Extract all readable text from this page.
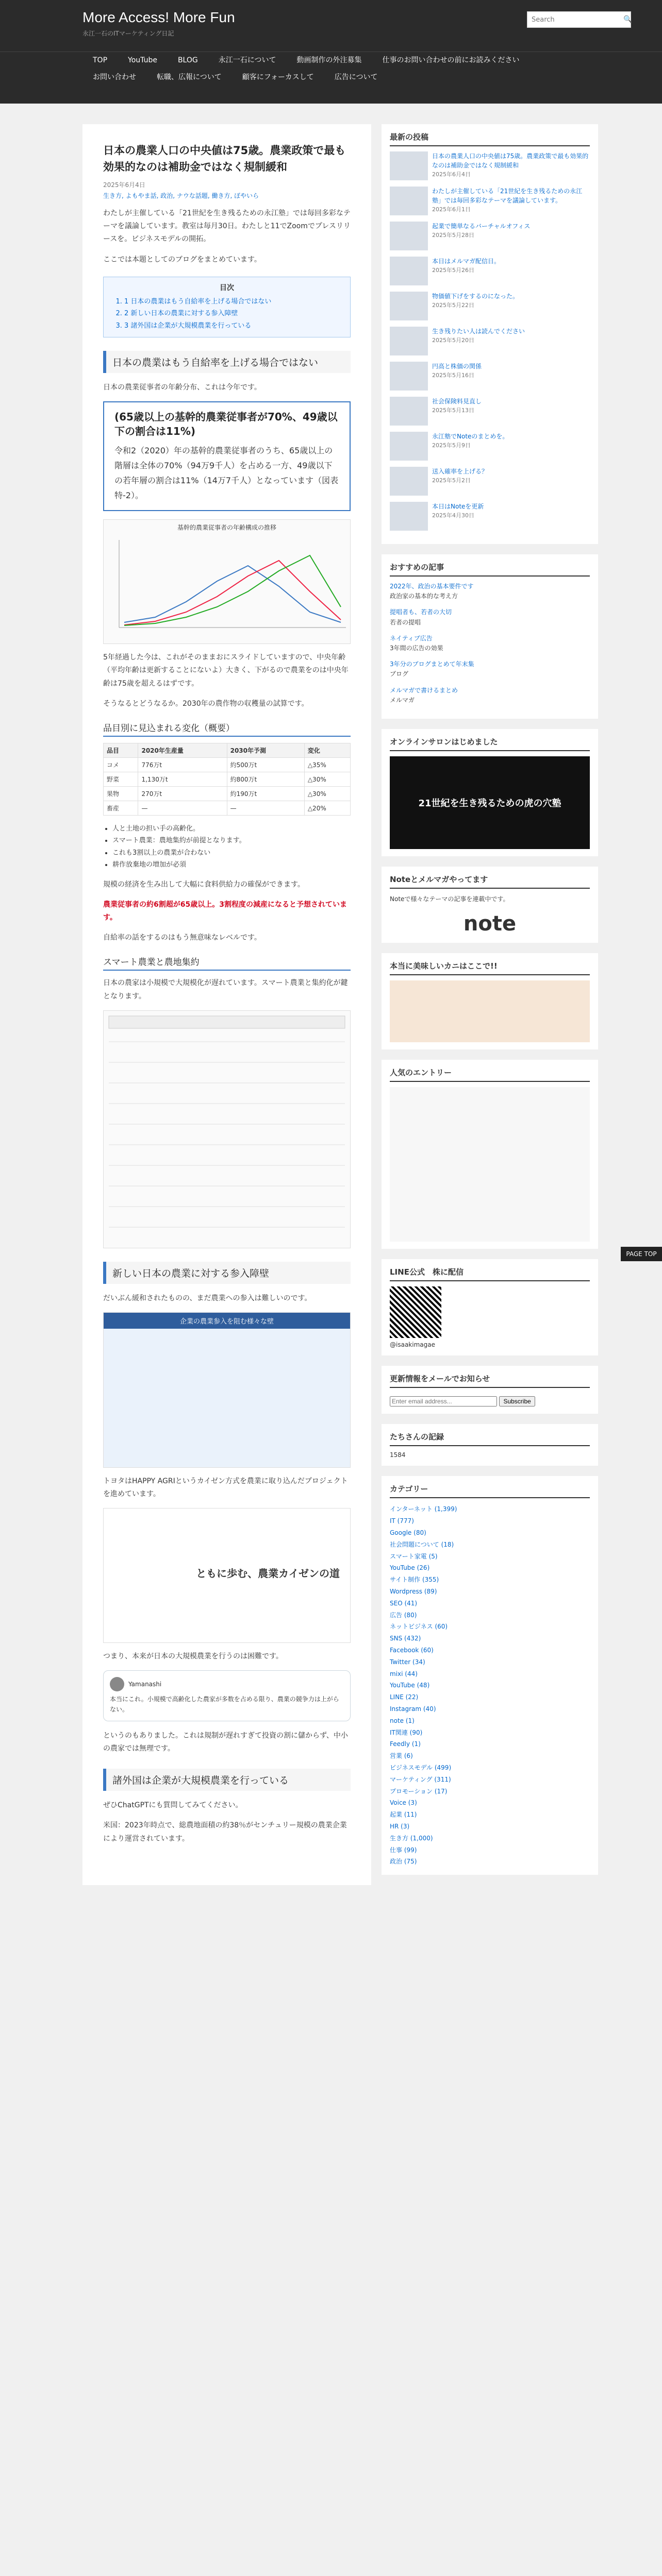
More Access! More Fun
永江一石のITマーケティング日記
Search
🔍
TOP	YouTube	BLOG	永江一石について	動画制作の外注募集	仕事のお問い合わせの前にお読みください
お問い合わせ	転職、広報について	顧客にフォーカスして	広告について
日本の農業人口の中央値は75歳。農業政策で最も効果的なのは補助金ではなく規制緩和
2025年6月4日
生き方, よもやま話, 政治, ナウな話題, 働き方, ぼやいら

わたしが主催している「21世紀を生き残るための永江塾」では毎回多彩なテーマを議論しています。教室は毎月30日。わたしと11でZoomでプレスリリースを。ビジネスモデルの開拓。

ここでは本題としてのブログをまとめています。

目次
1. 1 日本の農業はもう自給率を上げる場合ではない
2. 2 新しい日本の農業に対する参入障壁
3. 3 諸外国は企業が大規模農業を行っている
日本の農業はもう自給率を上げる場合ではない

日本の農業従事者の年齢分布、これは今年です。

(65歳以上の基幹的農業従事者が70%、49歳以下の割合は11%)
令和2（2020）年の基幹的農業従事者のうち、65歳以上の階層は全体の70%（94万9千人）を占める一方、49歳以下の若年層の割合は11%（14万7千人）となっています（図表特-2）。
基幹的農業従事者の年齢構成の推移

5年経過した今は、これがそのままおにスライドしていますので、中央年齢（平均年齢は更新することにないよ）大きく、下がるので農業をのは中央年齢は75歳を超えるはずです。

そうなるとどうなるか。2030年の農作物の収穫量の試算です。

品目別に見込まれる変化（概要）
品目	2020年生産量	2030年予測	変化
コメ	776万t	約500万t	△35%
野菜	1,130万t	約800万t	△30%
果物	270万t	約190万t	△30%
畜産	—	—	△20%
• 人と土地の担い手の高齢化。
• スマート農業：農地集約が前提となります。
• これも3割以上の農業が合わない
• 耕作放棄地の増加が必須

規模の経済を生み出して大幅に食料供給力の確保ができます。

農業従事者の約6割超が65歳以上。3割程度の減産になると予想されています。

自給率の話をするのはもう無意味なレベルです。

スマート農業と農地集約

日本の農家は小規模で大規模化が遅れています。スマート農業と集約化が鍵となります。

新しい日本の農業に対する参入障壁

だいぶん緩和されたものの、まだ農業への参入は難しいのです。

企業の農業参入を阻む様々な壁

トヨタはHAPPY AGRIというカイゼン方式を農業に取り込んだプロジェクトを進めています。

ともに歩む、農業カイゼンの道

つまり、本来が日本の大規模農業を行うのは困難です。

Yamanashi
本当にこれ。小規模で高齢化した農家が多数を占める限り、農業の競争力は上がらない。

というのもありました。これは規制が遅れすぎて投資の割に儲からず、中小の農家では無理です。

諸外国は企業が大規模農業を行っている

ぜひChatGPTにも質問してみてください。

米国：2023年時点で、総農地面積の約38％がセンチュリー規模の農業企業により運営されています。

最新の投稿
日本の農業人口の中央値は75歳。農業政策で最も効果的なのは補助金ではなく規制緩和
2025年6月4日
わたしが主催している「21世紀を生き残るための永江塾」では毎回多彩なテーマを議論しています。
2025年6月1日
起業で簡単なるバーチャルオフィス
2025年5月28日
本日はメルマガ配信日。
2025年5月26日
物価値下げをするのになった。
2025年5月22日
生き残りたい人は読んでください
2025年5月20日
円高と株価の関係
2025年5月16日
社会保険料見直し
2025年5月13日
永江塾でNoteのまとめを。
2025年5月9日
送入確率を上げる？
2025年5月2日
本日はNoteを更新
2025年4月30日
おすすめの記事
2022年、政治の基本要件です
政治家の基本的な考え方
提唱者も、若者の大切
若者の提唱
ネイティブ広告
3年間の広告の効果
3年分のブログまとめて年末集
ブログ
メルマガで書けるまとめ
メルマガ
オンラインサロンはじめました
21世紀を生き残るための虎の穴塾
Noteとメルマガやってます

Noteで様々なテーマの記事を連載中です。

note
本当に美味しいカニはここで!!
人気のエントリー
LINE公式　株に配信
@isaakimagae
更新情報をメールでお知らせ
Enter email address... Subscribe
たちさんの記録
1584
カテゴリー
インターネット (1,399)
IT (777)
Google (80)
社会問題について (18)
スマート家電 (5)
YouTube (26)
サイト制作 (355)
Wordpress (89)
SEO (41)
広告 (80)
ネットビジネス (60)
SNS (432)
Facebook (60)
Twitter (34)
mixi (44)
YouTube (48)
LINE (22)
Instagram (40)
note (1)
IT関連 (90)
Feedly (1)
営業 (6)
ビジネスモデル (499)
マーケティング (311)
プロモーション (17)
Voice (3)
起業 (11)
HR (3)
生き方 (1,000)
仕事 (99)
政治 (75)
PAGE TOP
